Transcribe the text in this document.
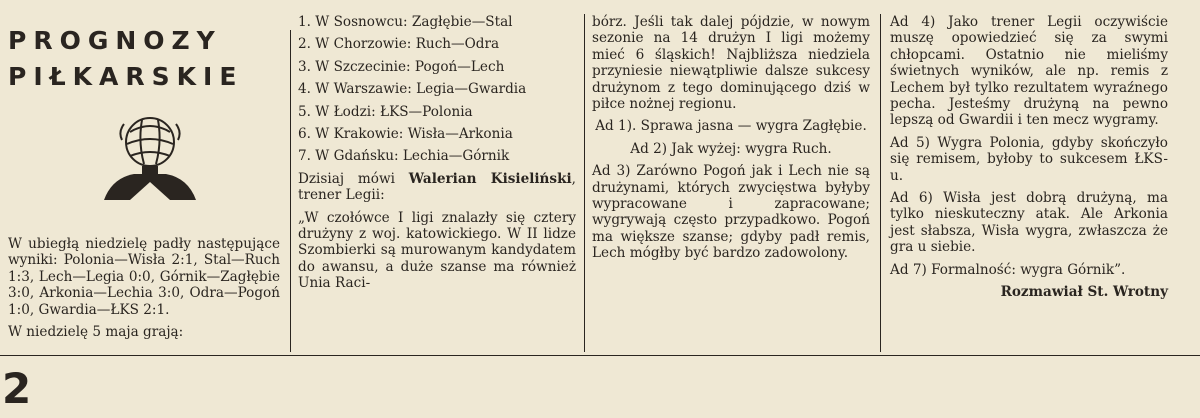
PROGNOZY
PIŁKARSKIE

W ubiegłą niedzielę padły następujące wyniki: Polonia—Wisła 2:1, Stal—Ruch 1:3, Lech—Legia 0:0, Górnik—Zagłębie 3:0, Arkonia—Lechia 3:0, Odra—Pogoń 1:0, Gwardia—ŁKS 2:1.

W niedzielę 5 maja grają:

1. W Sosnowcu: Zagłębie—Stal

2. W Chorzowie: Ruch—Odra

3. W Szczecinie: Pogoń—Lech

4. W Warszawie: Legia—Gwardia

5. W Łodzi: ŁKS—Polonia

6. W Krakowie: Wisła—Arkonia

7. W Gdańsku: Lechia—Górnik

Dzisiaj mówi Walerian Kisieliński, trener Legii:

„W czołówce I ligi znalazły się cztery drużyny z woj. katowickiego. W II lidze Szombierki są murowanym kandydatem do awansu, a duże szanse ma również Unia Raci-

bórz. Jeśli tak dalej pójdzie, w nowym sezonie na 14 drużyn I ligi możemy mieć 6 śląskich! Najbliższa niedziela przyniesie niewątpliwie dalsze sukcesy drużynom z tego dominującego dziś w piłce nożnej regionu.

Ad 1). Sprawa jasna — wygra Zagłębie.

Ad 2) Jak wyżej: wygra Ruch.

Ad 3) Zarówno Pogoń jak i Lech nie są drużynami, których zwycięstwa byłyby wypracowane i zapracowane; wygrywają często przypadkowo. Pogoń ma większe szanse; gdyby padł remis, Lech mógłby być bardzo zadowolony.

Ad 4) Jako trener Legii oczywiście muszę opowiedzieć się za swymi chłopcami. Ostatnio nie mieliśmy świetnych wyników, ale np. remis z Lechem był tylko rezultatem wyraźnego pecha. Jesteśmy drużyną na pewno lepszą od Gwardii i ten mecz wygramy.

Ad 5) Wygra Polonia, gdyby skończyło się remisem, byłoby to sukcesem ŁKS-u.

Ad 6) Wisła jest dobrą drużyną, ma tylko nieskuteczny atak. Ale Arkonia jest słabsza, Wisła wygra, zwłaszcza że gra u siebie.

Ad 7) Formalność: wygra Górnik”.

Rozmawiał St. Wrotny

2
